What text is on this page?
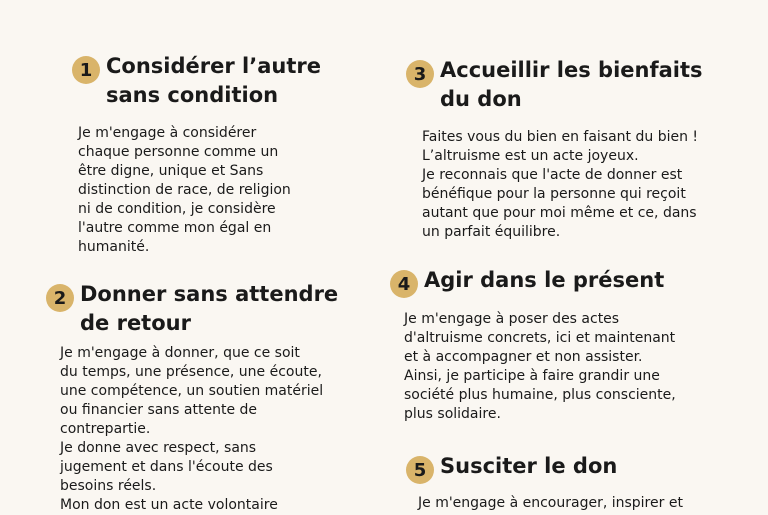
1 Considérer l’autre
sans condition
Je m'engage à considérer
chaque personne comme un
être digne, unique et Sans
distinction de race, de religion
ni de condition, je considère
l'autre comme mon égal en
humanité.
2 Donner sans attendre
de retour
Je m'engage à donner, que ce soit
du temps, une présence, une écoute,
une compétence, un soutien matériel
ou financier sans attente de
contrepartie.
Je donne avec respect, sans
jugement et dans l'écoute des
besoins réels.
Mon don est un acte volontaire
3 Accueillir les bienfaits
du don
Faites vous du bien en faisant du bien !
L’altruisme est un acte joyeux.
Je reconnais que l'acte de donner est
bénéfique pour la personne qui reçoit
autant que pour moi même et ce, dans
un parfait équilibre.
4 Agir dans le présent
Je m'engage à poser des actes
d'altruisme concrets, ici et maintenant
et à accompagner et non assister.
Ainsi, je participe à faire grandir une
société plus humaine, plus consciente,
plus solidaire.
5 Susciter le don
Je m'engage à encourager, inspirer et
